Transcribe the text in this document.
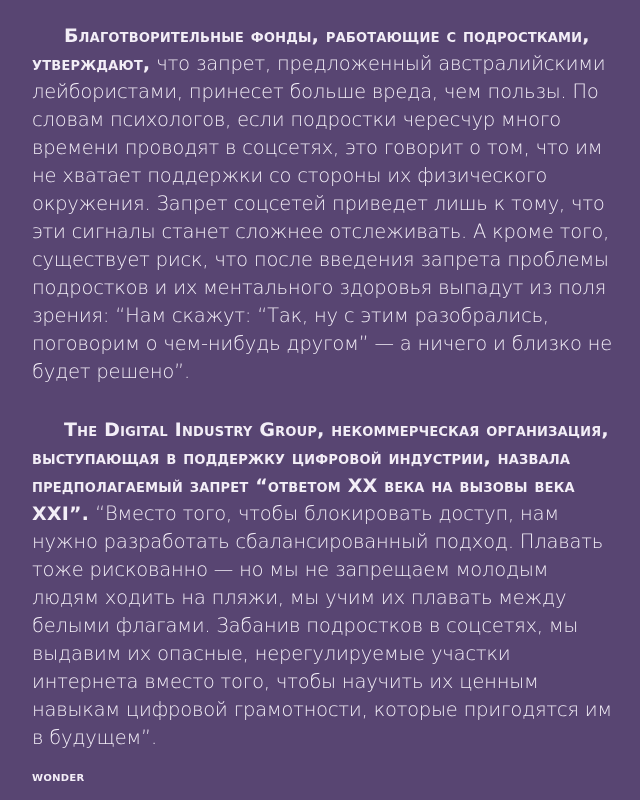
Благотворительные фонды, работающие с подростками, утверждают, что запрет, предложенный австралийскими лейбористами, принесет больше вреда, чем пользы. По словам психологов, если подростки чересчур много времени проводят в соцсетях, это говорит о том, что им не хватает поддержки со стороны их физического окружения. Запрет соцсетей приведет лишь к тому, что эти сигналы станет сложнее отслеживать. А кроме того, существует риск, что после введения запрета проблемы подростков и их ментального здоровья выпадут из поля зрения: “Нам скажут: “Так, ну с этим разобрались, поговорим о чем-нибудь другом” — а ничего и близко не будет решено”.

The Digital Industry Group, некоммерческая организация, выступающая в поддержку цифровой индустрии, назвала предполагаемый запрет “ответом XX века на вызовы века XXI”. “Вместо того, чтобы блокировать доступ, нам нужно разработать сбалансированный подход. Плавать тоже рискованно — но мы не запрещаем молодым людям ходить на пляжи, мы учим их плавать между белыми флагами. Забанив подростков в соцсетях, мы выдавим их опасные, нерегулируемые участки интернета вместо того, чтобы научить их ценным навыкам цифровой грамотности, которые пригодятся им в будущем”.

WONDER
